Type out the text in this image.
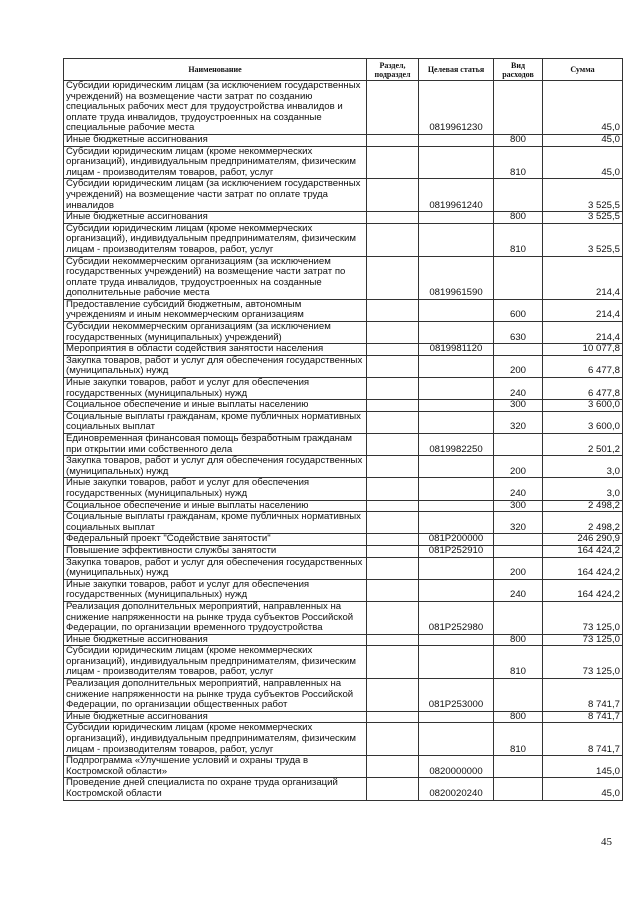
Наименование	Раздел, подраздел	Целевая статья	Вид расходов	Сумма
Субсидии юридическим лицам (за исключением государственных учреждений) на возмещение части затрат по созданию специальных рабочих мест для трудоустройства инвалидов и оплате труда инвалидов, трудоустроенных на созданные специальные рабочие места		0819961230		45,0
Иные бюджетные ассигнования			800	45,0
Субсидии юридическим лицам (кроме некоммерческих организаций), индивидуальным предпринимателям, физическим лицам - производителям товаров, работ, услуг			810	45,0
Субсидии юридическим лицам (за исключением государственных учреждений) на возмещение части затрат по оплате труда инвалидов		0819961240		3 525,5
Иные бюджетные ассигнования			800	3 525,5
Субсидии юридическим лицам (кроме некоммерческих организаций), индивидуальным предпринимателям, физическим лицам - производителям товаров, работ, услуг			810	3 525,5
Субсидии некоммерческим организациям (за исключением государственных учреждений) на возмещение части затрат по оплате труда инвалидов, трудоустроенных на созданные дополнительные рабочие места		0819961590		214,4
Предоставление субсидий бюджетным, автономным учреждениям и иным некоммерческим организациям			600	214,4
Субсидии некоммерческим организациям (за исключением государственных (муниципальных) учреждений)			630	214,4
Мероприятия в области содействия занятости населения		0819981120		10 077,8
Закупка товаров, работ и услуг для обеспечения государственных (муниципальных) нужд			200	6 477,8
Иные закупки товаров, работ и услуг для обеспечения государственных (муниципальных) нужд			240	6 477,8
Социальное обеспечение и иные выплаты населению			300	3 600,0
Социальные выплаты гражданам, кроме публичных нормативных социальных выплат			320	3 600,0
Единовременная финансовая помощь безработным гражданам при открытии ими собственного дела		0819982250		2 501,2
Закупка товаров, работ и услуг для обеспечения государственных (муниципальных) нужд			200	3,0
Иные закупки товаров, работ и услуг для обеспечения государственных (муниципальных) нужд			240	3,0
Социальное обеспечение и иные выплаты населению			300	2 498,2
Социальные выплаты гражданам, кроме публичных нормативных социальных выплат			320	2 498,2
Федеральный проект "Содействие занятости"		081P200000		246 290,9
Повышение эффективности службы занятости		081P252910		164 424,2
Закупка товаров, работ и услуг для обеспечения государственных (муниципальных) нужд			200	164 424,2
Иные закупки товаров, работ и услуг для обеспечения государственных (муниципальных) нужд			240	164 424,2
Реализация дополнительных мероприятий, направленных на снижение напряженности на рынке труда субъектов Российской Федерации, по организации временного трудоустройства		081P252980		73 125,0
Иные бюджетные ассигнования			800	73 125,0
Субсидии юридическим лицам (кроме некоммерческих организаций), индивидуальным предпринимателям, физическим лицам - производителям товаров, работ, услуг			810	73 125,0
Реализация дополнительных мероприятий, направленных на снижение напряженности на рынке труда субъектов Российской Федерации, по организации общественных работ		081P253000		8 741,7
Иные бюджетные ассигнования			800	8 741,7
Субсидии юридическим лицам (кроме некоммерческих организаций), индивидуальным предпринимателям, физическим лицам - производителям товаров, работ, услуг			810	8 741,7
Подпрограмма «Улучшение условий и охраны труда в Костромской области»		0820000000		145,0
Проведение дней специалиста по охране труда организаций Костромской области		0820020240		45,0
45
